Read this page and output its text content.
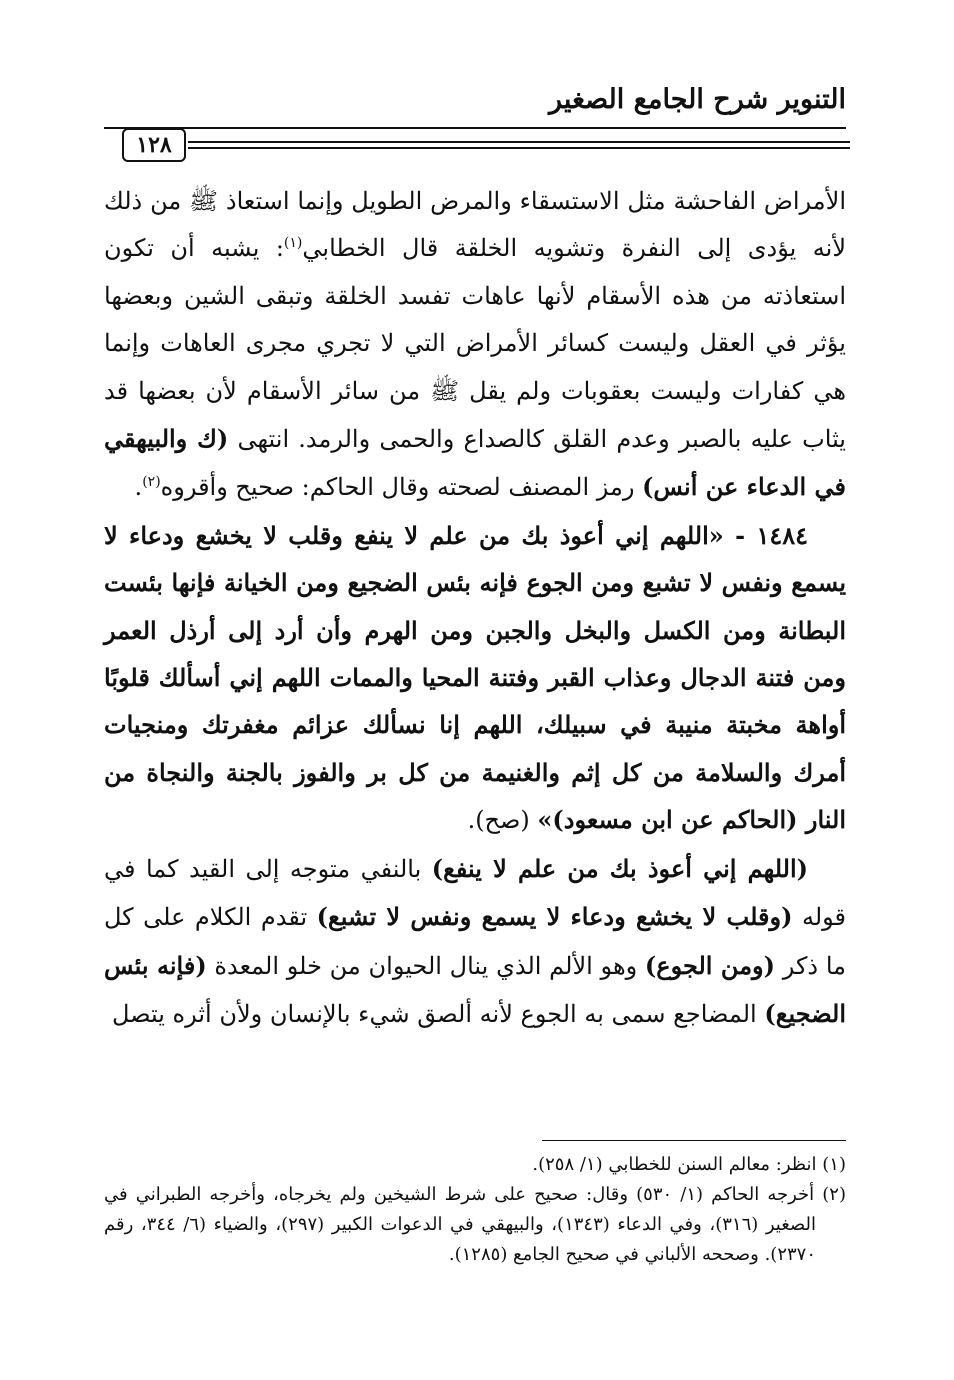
التنوير شرح الجامع الصغير
١٢٨

الأمراض الفاحشة مثل الاستسقاء والمرض الطويل وإنما استعاذ ﷺ من ذلك لأنه يؤدى إلى النفرة وتشويه الخلقة قال الخطابي$^{(١)}$: يشبه أن تكون استعاذته من هذه الأسقام لأنها عاهات تفسد الخلقة وتبقى الشين وبعضها يؤثر في العقل وليست كسائر الأمراض التي لا تجري مجرى العاهات وإنما هي كفارات وليست بعقوبات ولم يقل ﷺ من سائر الأسقام لأن بعضها قد يثاب عليه بالصبر وعدم القلق كالصداع والحمى والرمد. انتهى (ك والبيهقي في الدعاء عن أنس) رمز المصنف لصحته وقال الحاكم: صحيح وأقروه$^{(٢)}$.

١٤٨٤ - «اللهم إني أعوذ بك من علم لا ينفع وقلب لا يخشع ودعاء لا يسمع ونفس لا تشبع ومن الجوع فإنه بئس الضجيع ومن الخيانة فإنها بئست البطانة ومن الكسل والبخل والجبن ومن الهرم وأن أرد إلى أرذل العمر ومن فتنة الدجال وعذاب القبر وفتنة المحيا والممات اللهم إني أسألك قلوبًا أواهة مخبتة منيبة في سبيلك، اللهم إنا نسألك عزائم مغفرتك ومنجيات أمرك والسلامة من كل إثم والغنيمة من كل بر والفوز بالجنة والنجاة من النار (الحاكم عن ابن مسعود)» (صح).

(اللهم إني أعوذ بك من علم لا ينفع) بالنفي متوجه إلى القيد كما في قوله (وقلب لا يخشع ودعاء لا يسمع ونفس لا تشبع) تقدم الكلام على كل ما ذكر (ومن الجوع) وهو الألم الذي ينال الحيوان من خلو المعدة (فإنه بئس الضجيع) المضاجع سمى به الجوع لأنه ألصق شيء بالإنسان ولأن أثره يتصل

(١) انظر: معالم السنن للخطابي (١/ ٢٥٨).

(٢) أخرجه الحاكم (١/ ٥٣٠) وقال: صحيح على شرط الشيخين ولم يخرجاه، وأخرجه الطبراني في الصغير (٣١٦)، وفي الدعاء (١٣٤٣)، والبيهقي في الدعوات الكبير (٢٩٧)، والضياء (٦/ ٣٤٤، رقم ٢٣٧٠). وصححه الألباني في صحيح الجامع (١٢٨٥).
